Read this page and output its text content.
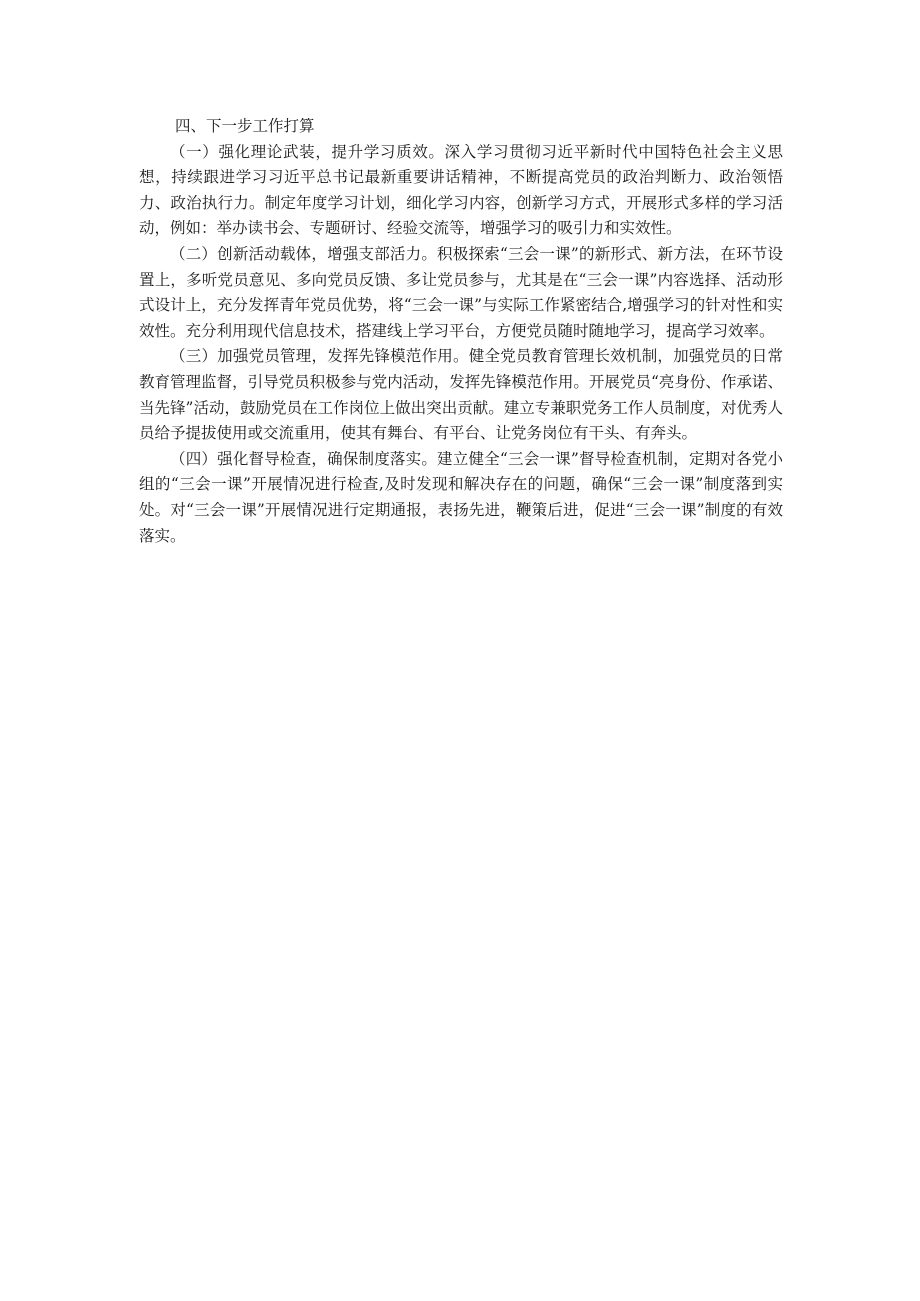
四、下一步工作打算

（一）强化理论武装，提升学习质效。深入学习贯彻习近平新时代中国特色社会主义思想，持续跟进学习习近平总书记最新重要讲话精神，不断提高党员的政治判断力、政治领悟力、政治执行力。制定年度学习计划，细化学习内容，创新学习方式，开展形式多样的学习活动，例如：举办读书会、专题研讨、经验交流等，增强学习的吸引力和实效性。

（二）创新活动载体，增强支部活力。积极探索“三会一课”的新形式、新方法，在环节设置上，多听党员意见、多向党员反馈、多让党员参与，尤其是在“三会一课”内容选择、活动形式设计上，充分发挥青年党员优势，将“三会一课”与实际工作紧密结合,增强学习的针对性和实效性。充分利用现代信息技术，搭建线上学习平台，方便党员随时随地学习，提高学习效率。

（三）加强党员管理，发挥先锋模范作用。健全党员教育管理长效机制，加强党员的日常教育管理监督，引导党员积极参与党内活动，发挥先锋模范作用。开展党员“亮身份、作承诺、当先锋”活动，鼓励党员在工作岗位上做出突出贡献。建立专兼职党务工作人员制度，对优秀人员给予提拔使用或交流重用，使其有舞台、有平台、让党务岗位有干头、有奔头。

（四）强化督导检查，确保制度落实。建立健全“三会一课”督导检查机制，定期对各党小组的“三会一课”开展情况进行检查,及时发现和解决存在的问题，确保“三会一课”制度落到实处。对“三会一课”开展情况进行定期通报，表扬先进，鞭策后进，促进“三会一课”制度的有效落实。
